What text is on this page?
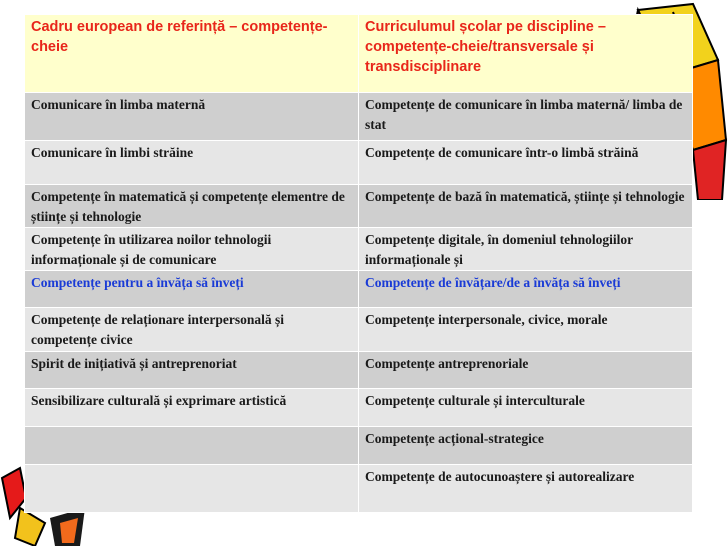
Cadru european de referință – competențe-cheie	Curriculumul școlar pe discipline – competențe-cheie/transversale și transdisciplinare
Comunicare în limba maternă	Competențe de comunicare în limba maternă/ limba de stat
Comunicare în limbi străine	Competențe de comunicare într-o limbă străină
Competențe în matematică și competențe elementre de științe și tehnologie	Competențe de bază în matematică, științe și tehnologie
Competențe în utilizarea noilor tehnologii informaționale și de comunicare	Competențe digitale, în domeniul tehnologiilor informaționale și
Competențe pentru a învăța să înveți	Competențe de învățare/de a învăța să înveți
Competențe de relaționare interpersonală și competențe civice	Competențe interpersonale, civice, morale
Spirit de inițiativă și antreprenoriat	Competențe antreprenoriale
Sensibilizare culturală și exprimare artistică	Competențe culturale și interculturale
	Competențe acțional-strategice
	Competențe de autocunoaștere și autorealizare
